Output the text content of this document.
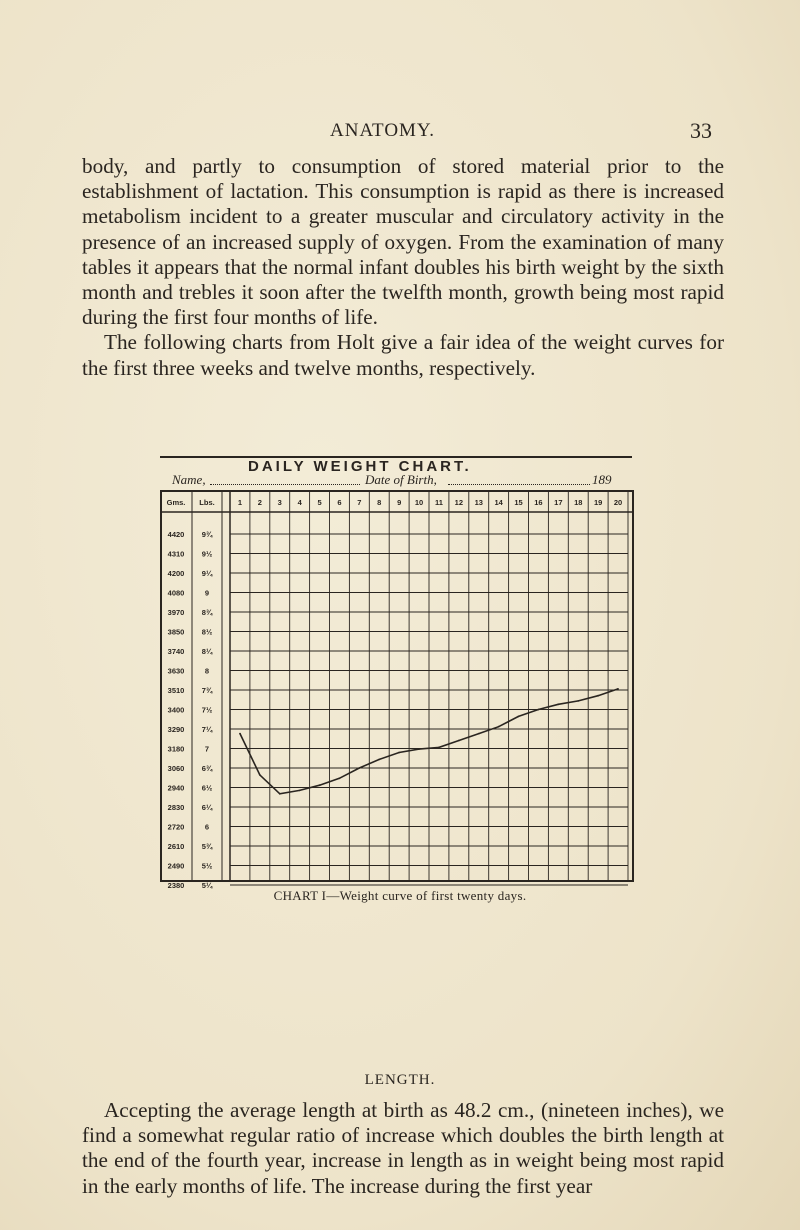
ANATOMY.	33

body, and partly to consumption of stored material prior to the establishment of lactation. This consumption is rapid as there is increased metabolism incident to a greater muscular and circulatory activity in the presence of an increased supply of oxygen. From the examination of many tables it appears that the normal infant doubles his birth weight by the sixth month and trebles it soon after the twelfth month, growth being most rapid during the first four months of life.
The following charts from Holt give a fair idea of the weight curves for the first three weeks and twelve months, respectively.

DAILY WEIGHT CHART.
Name,	Date of Birth,	189
Gms. Lbs.	1 2 3 4 5 6 7 8 9 10 11 12 13 14 15 16 17 18 19 20
4420 9¾
4310 9½
4200 9¼
4080	9
3970 8¾
3850 8½
3740 8¼
3630	8
3510 7¾
3400 7½
3290 7¼
3180	7
3060 6¾
2940 6½
2830 6¼
2720	6
2610 5¾
2490 5½
2380 5¼
CHART I—Weight curve of first twenty days.
LENGTH.

Accepting the average length at birth as 48.2 cm., (nineteen inches), we find a somewhat regular ratio of increase which doubles the birth length at the end of the fourth year, increase in length as in weight being most rapid in the early months of life. The increase during the first year
